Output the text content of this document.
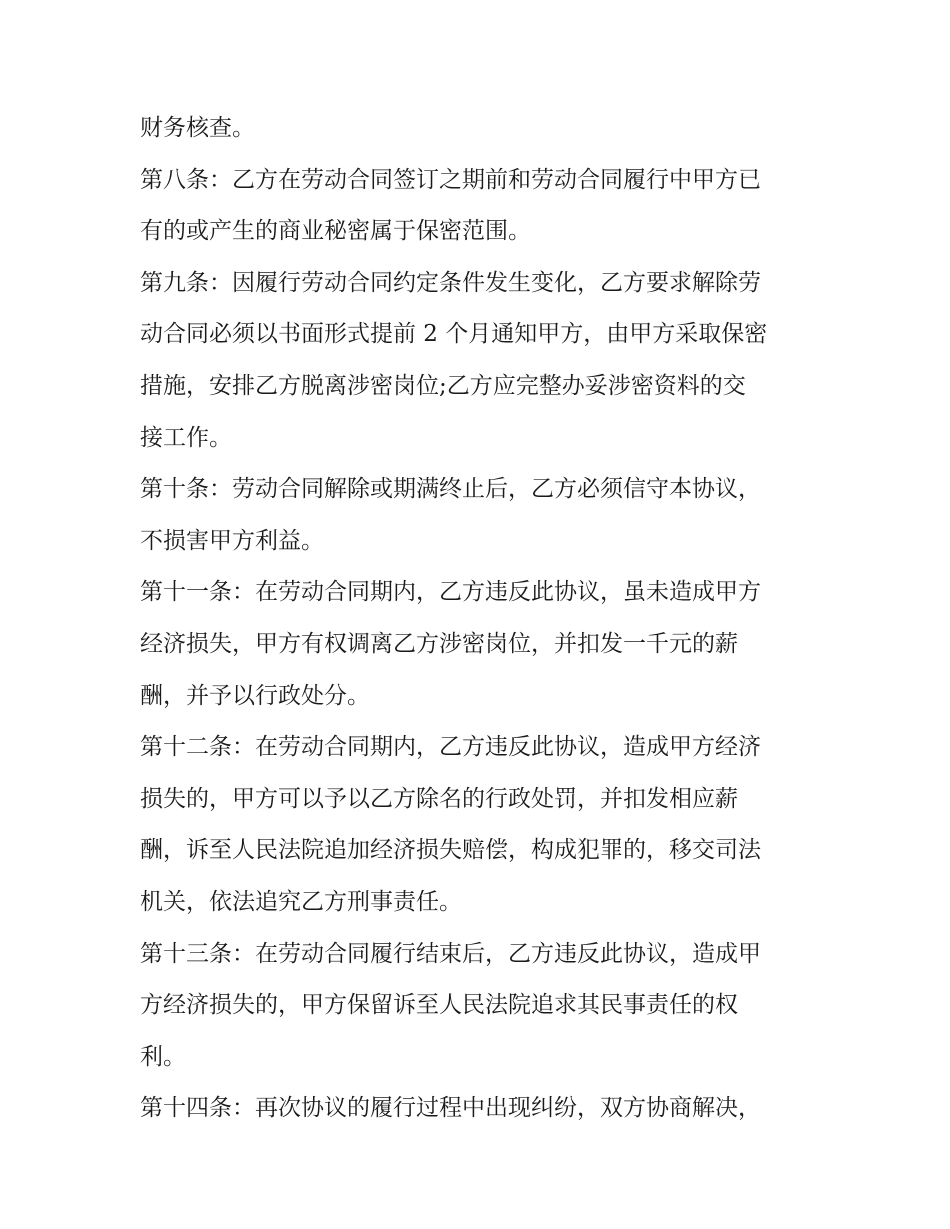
财务核查。
第八条：乙方在劳动合同签订之期前和劳动合同履行中甲方已
有的或产生的商业秘密属于保密范围。
第九条：因履行劳动合同约定条件发生变化，乙方要求解除劳
动合同必须以书面形式提前 2 个月通知甲方，由甲方采取保密
措施，安排乙方脱离涉密岗位;乙方应完整办妥涉密资料的交
接工作。
第十条：劳动合同解除或期满终止后，乙方必须信守本协议，
不损害甲方利益。
第十一条：在劳动合同期内，乙方违反此协议，虽未造成甲方
经济损失，甲方有权调离乙方涉密岗位，并扣发一千元的薪
酬，并予以行政处分。
第十二条：在劳动合同期内，乙方违反此协议，造成甲方经济
损失的，甲方可以予以乙方除名的行政处罚，并扣发相应薪
酬，诉至人民法院追加经济损失赔偿，构成犯罪的，移交司法
机关，依法追究乙方刑事责任。
第十三条：在劳动合同履行结束后，乙方违反此协议，造成甲
方经济损失的，甲方保留诉至人民法院追求其民事责任的权
利。
第十四条：再次协议的履行过程中出现纠纷，双方协商解决，
